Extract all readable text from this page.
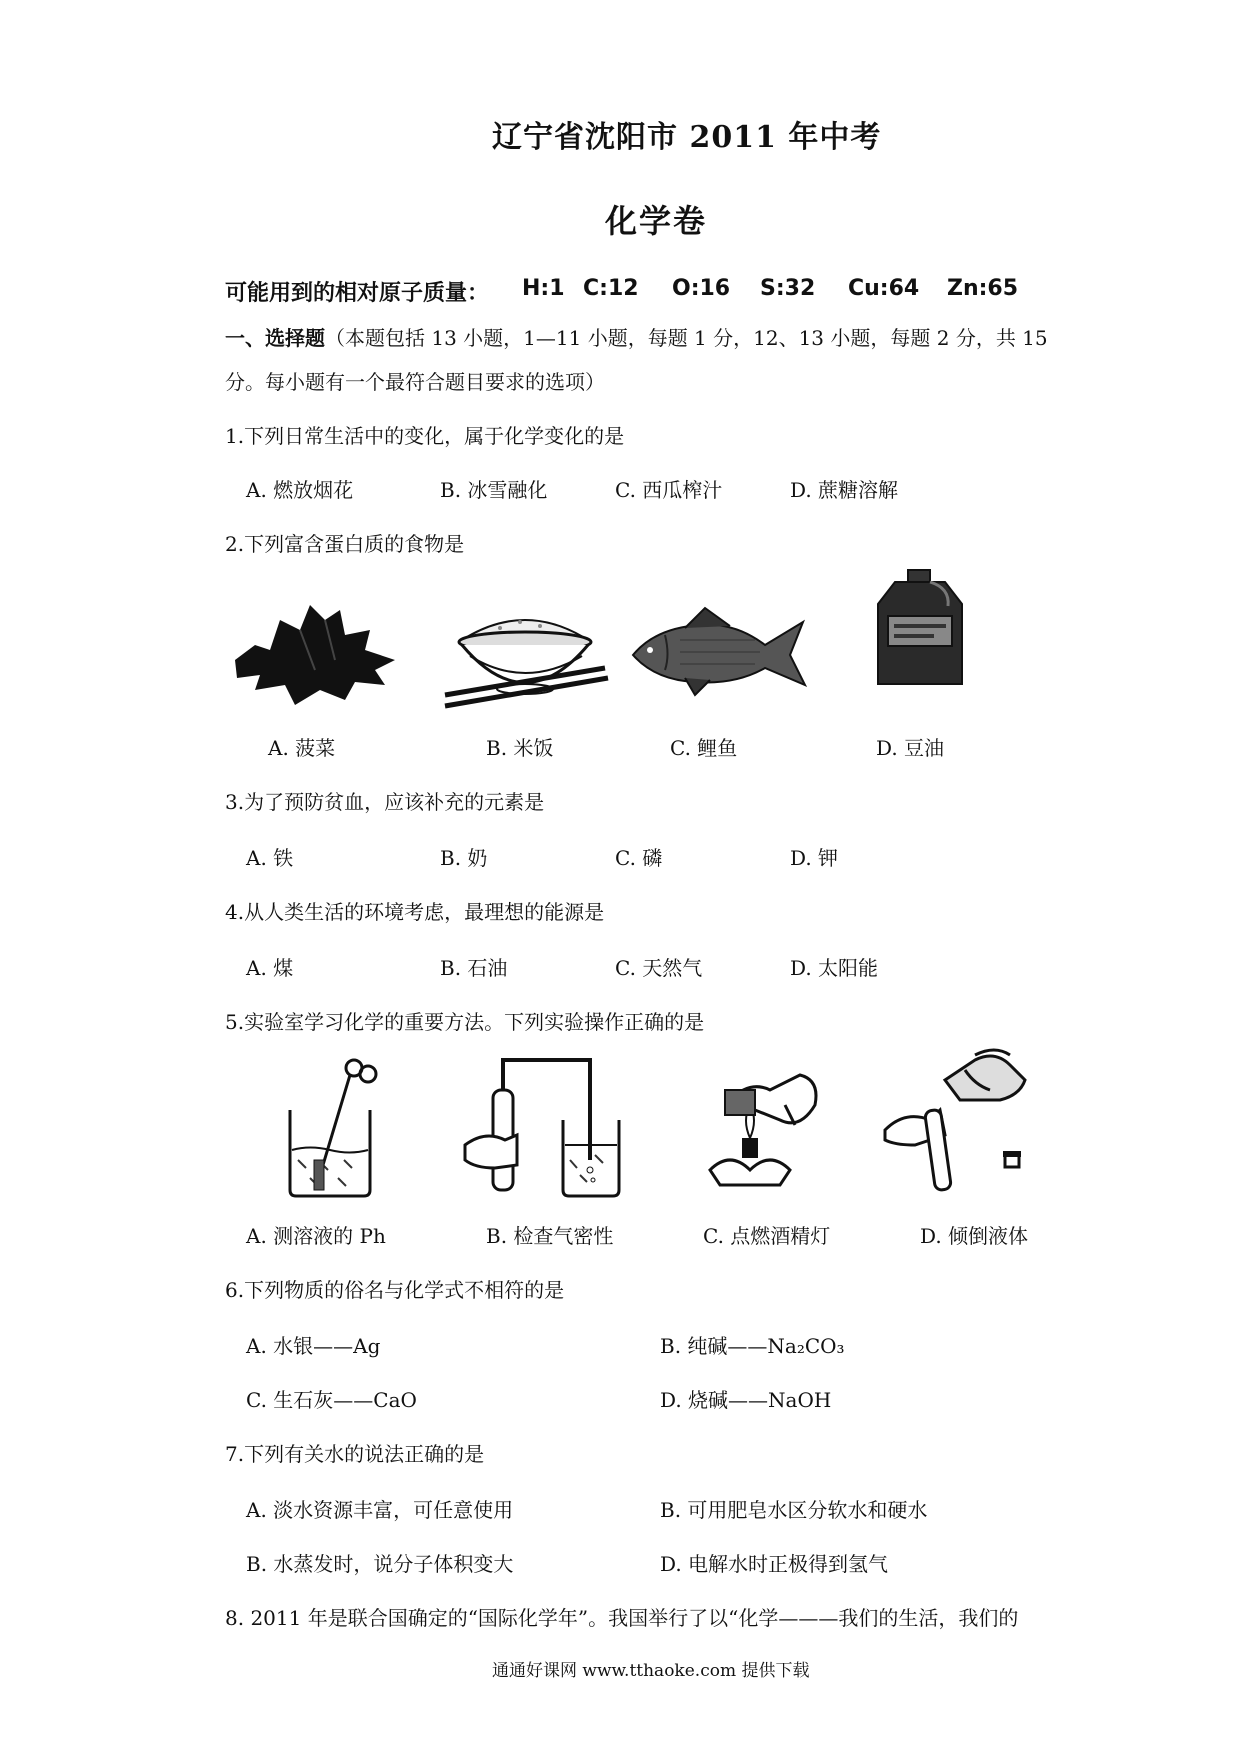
辽宁省沈阳市 2011 年中考
化学卷
可能用到的相对原子质量： H:1 C:12 O:16 S:32 Cu:64 Zn:65
一、选择题（本题包括 13 小题，1—11 小题，每题 1 分，12、13 小题，每题 2 分，共 15
分。每小题有一个最符合题目要求的选项）
1.下列日常生活中的变化，属于化学变化的是
A. 燃放烟花	B. 冰雪融化	C. 西瓜榨汁	D. 蔗糖溶解
2.下列富含蛋白质的食物是
A. 菠菜	B. 米饭	C. 鲤鱼	D. 豆油
3.为了预防贫血，应该补充的元素是
A. 铁	B. 奶	C. 磷	D. 钾
4.从人类生活的环境考虑，最理想的能源是
A. 煤	B. 石油	C. 天然气	D. 太阳能
5.实验室学习化学的重要方法。下列实验操作正确的是
A. 测溶液的 Ph	B. 检查气密性	C. 点燃酒精灯	D. 倾倒液体
6.下列物质的俗名与化学式不相符的是
A. 水银——Ag	B. 纯碱——Na₂CO₃
C. 生石灰——CaO	D. 烧碱——NaOH
7.下列有关水的说法正确的是
A. 淡水资源丰富，可任意使用	B. 可用肥皂水区分软水和硬水
B. 水蒸发时，说分子体积变大	D. 电解水时正极得到氢气
8. 2011 年是联合国确定的“国际化学年”。我国举行了以“化学———我们的生活，我们的
通通好课网 www.tthaoke.com 提供下载
